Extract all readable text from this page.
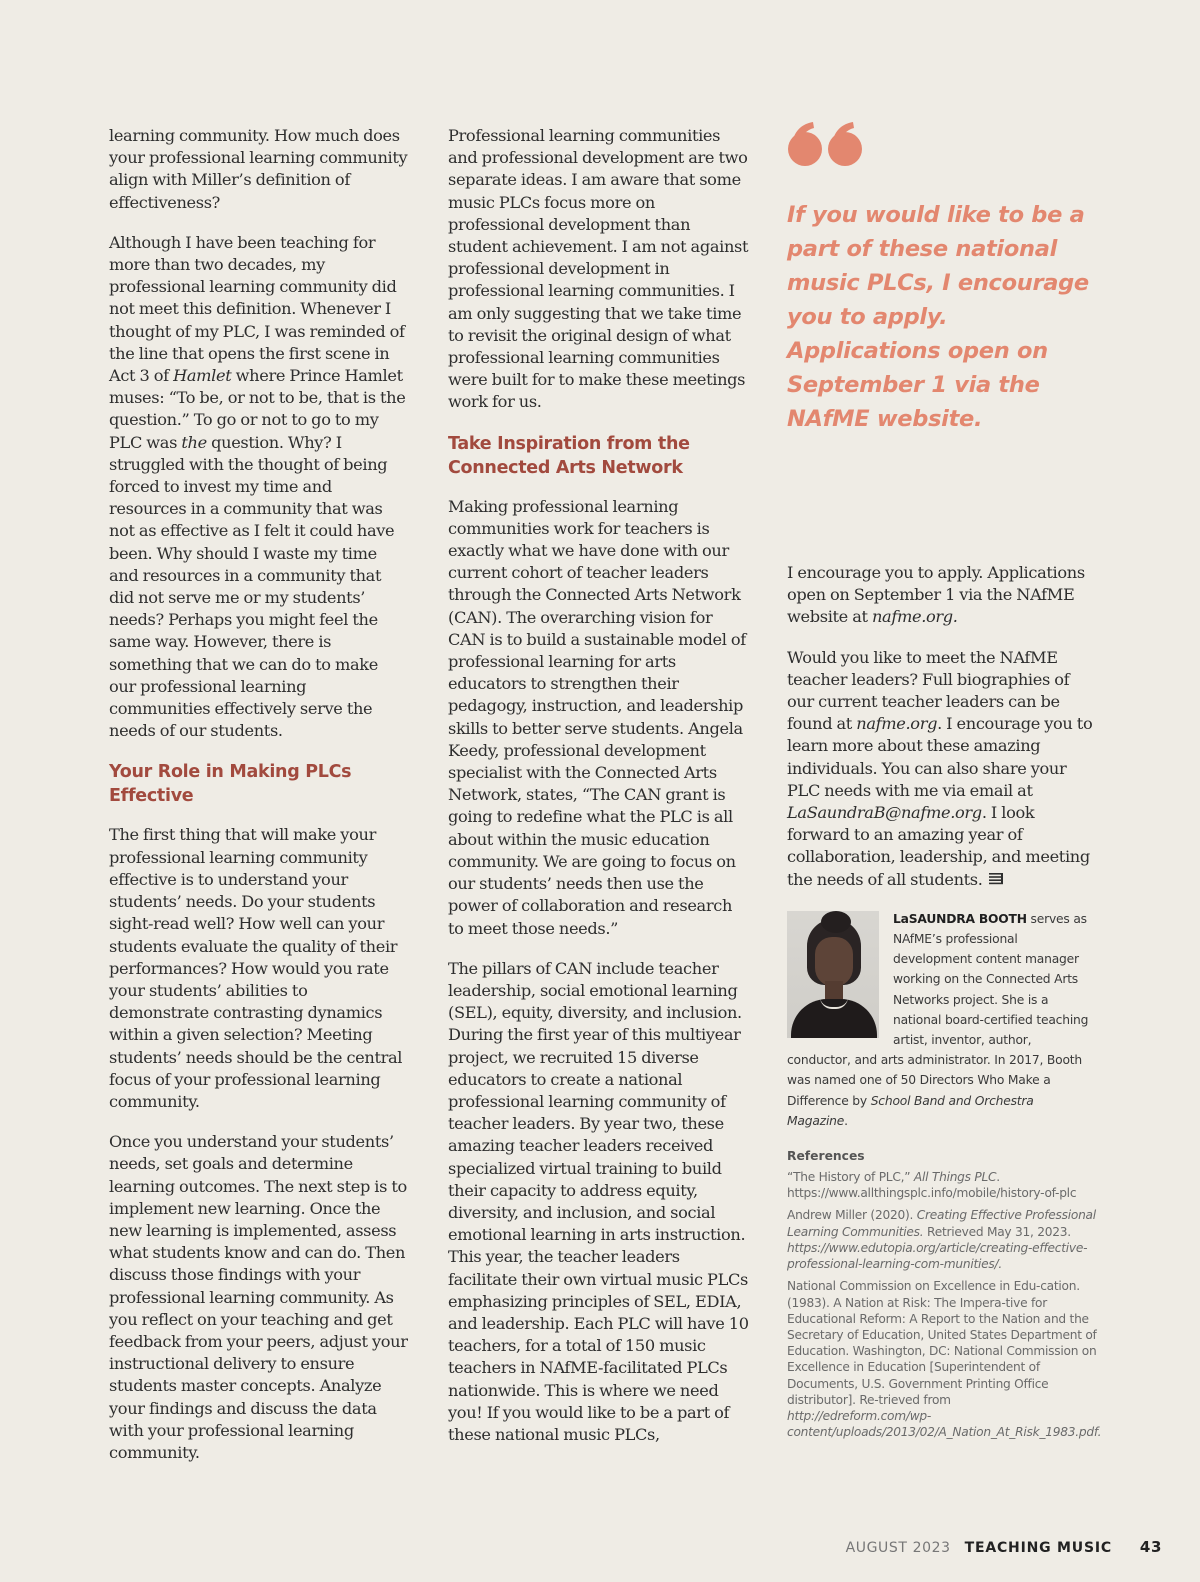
learning community. How much does your professional learning community align with Miller’s definition of effectiveness?

Although I have been teaching for more than two decades, my professional learning community did not meet this definition. Whenever I thought of my PLC, I was reminded of the line that opens the first scene in Act 3 of Hamlet where Prince Hamlet muses: “To be, or not to be, that is the question.” To go or not to go to my PLC was the question. Why? I struggled with the thought of being forced to invest my time and resources in a community that was not as effective as I felt it could have been. Why should I waste my time and resources in a community that did not serve me or my students’ needs? Perhaps you might feel the same way. However, there is something that we can do to make our professional learning communities effectively serve the needs of our students.

Your Role in Making PLCs Effective

The first thing that will make your professional learning community effective is to understand your students’ needs. Do your students sight-read well? How well can your students evaluate the quality of their performances? How would you rate your students’ abilities to demonstrate contrasting dynamics within a given selection? Meeting students’ needs should be the central focus of your professional learning community.

Once you understand your students’ needs, set goals and determine learning outcomes. The next step is to implement new learning. Once the new learning is implemented, assess what students know and can do. Then discuss those findings with your professional learning community. As you reflect on your teaching and get feedback from your peers, adjust your instructional delivery to ensure students master concepts. Analyze your findings and discuss the data with your professional learning community.

Professional learning communities and professional development are two separate ideas. I am aware that some music PLCs focus more on professional development than student achievement. I am not against professional development in professional learning communities. I am only suggesting that we take time to revisit the original design of what professional learning communities were built for to make these meetings work for us.

Take Inspiration from the Connected Arts Network

Making professional learning communities work for teachers is exactly what we have done with our current cohort of teacher leaders through the Connected Arts Network (CAN). The overarching vision for CAN is to build a sustainable model of professional learning for arts educators to strengthen their pedagogy, instruction, and leadership skills to better serve students. Angela Keedy, professional development specialist with the Connected Arts Network, states, “The CAN grant is going to redefine what the PLC is all about within the music education community. We are going to focus on our students’ needs then use the power of collaboration and research to meet those needs.”

The pillars of CAN include teacher leadership, social emotional learning (SEL), equity, diversity, and inclusion. During the first year of this multiyear project, we recruited 15 diverse educators to create a national professional learning community of teacher leaders. By year two, these amazing teacher leaders received specialized virtual training to build their capacity to address equity, diversity, and inclusion, and social emotional learning in arts instruction. This year, the teacher leaders facilitate their own virtual music PLCs emphasizing principles of SEL, EDIA, and leadership. Each PLC will have 10 teachers, for a total of 150 music teachers in NAfME-facilitated PLCs nationwide. This is where we need you! If you would like to be a part of these national music PLCs,

If you would like to be a part of these national music PLCs, I encourage you to apply. Applications open on September 1 via the NAfME website.

I encourage you to apply. Applications open on September 1 via the NAfME website at nafme.org.

Would you like to meet the NAfME teacher leaders? Full biographies of our current teacher leaders can be found at nafme.org. I encourage you to learn more about these amazing individuals. You can also share your PLC needs with me via email at LaSaundraB@nafme.org. I look forward to an amazing year of collaboration, leadership, and meeting the needs of all students.

LaSAUNDRA BOOTH serves as NAfME’s professional development content manager working on the Connected Arts Networks project. She is a national board-certified teaching artist, inventor, author, conductor, and arts administrator. In 2017, Booth was named one of 50 Directors Who Make a Difference by School Band and Orchestra Magazine.

References

“The History of PLC,” All Things PLC. https://www.allthingsplc.info/mobile/history-of-plc

Andrew Miller (2020). Creating Effective Professional Learning Communities. Retrieved May 31, 2023. https://www.edutopia.org/article/creating-effective-professional-learning-com-munities/.

National Commission on Excellence in Edu-cation. (1983). A Nation at Risk: The Impera-tive for Educational Reform: A Report to the Nation and the Secretary of Education, United States Department of Education. Washington, DC: National Commission on Excellence in Education [Superintendent of Documents, U.S. Government Printing Office distributor]. Re-trieved from http://edreform.com/wp-content/uploads/2013/02/A_Nation_At_Risk_1983.pdf.

AUGUST 2023 TEACHING MUSIC 43
